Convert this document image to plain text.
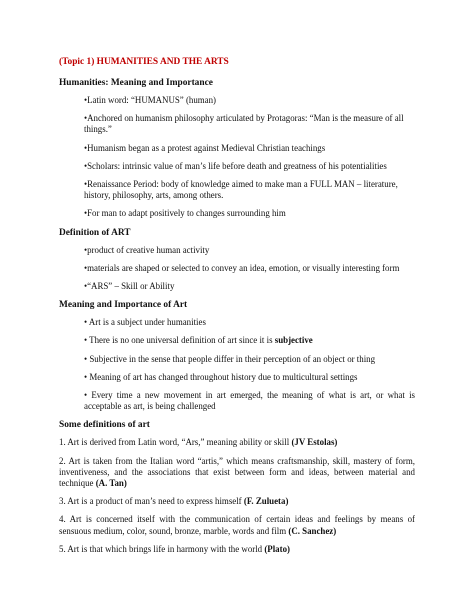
(Topic 1) HUMANITIES AND THE ARTS
Humanities: Meaning and Importance
•Latin word: “HUMANUS” (human)
•Anchored on humanism philosophy articulated by Protagoras: “Man is the measure of all things.”
•Humanism began as a protest against Medieval Christian teachings
•Scholars: intrinsic value of man’s life before death and greatness of his potentialities
•Renaissance Period: body of knowledge aimed to make man a FULL MAN – literature, history, philosophy, arts, among others.
•For man to adapt positively to changes surrounding him
Definition of ART
•product of creative human activity
•materials are shaped or selected to convey an idea, emotion, or visually interesting form
•“ARS” – Skill or Ability
Meaning and Importance of Art
• Art is a subject under humanities
• There is no one universal definition of art since it is subjective
• Subjective in the sense that people differ in their perception of an object or thing
• Meaning of art has changed throughout history due to multicultural settings
• Every time a new movement in art emerged, the meaning of what is art, or what is acceptable as art, is being challenged
Some definitions of art
1. Art is derived from Latin word, “Ars,” meaning ability or skill (JV Estolas)
2. Art is taken from the Italian word “artis,” which means craftsmanship, skill, mastery of form, inventiveness, and the associations that exist between form and ideas, between material and technique (A. Tan)
3. Art is a product of man’s need to express himself (F. Zulueta)
4. Art is concerned itself with the communication of certain ideas and feelings by means of sensuous medium, color, sound, bronze, marble, words and film (C. Sanchez)
5. Art is that which brings life in harmony with the world (Plato)
